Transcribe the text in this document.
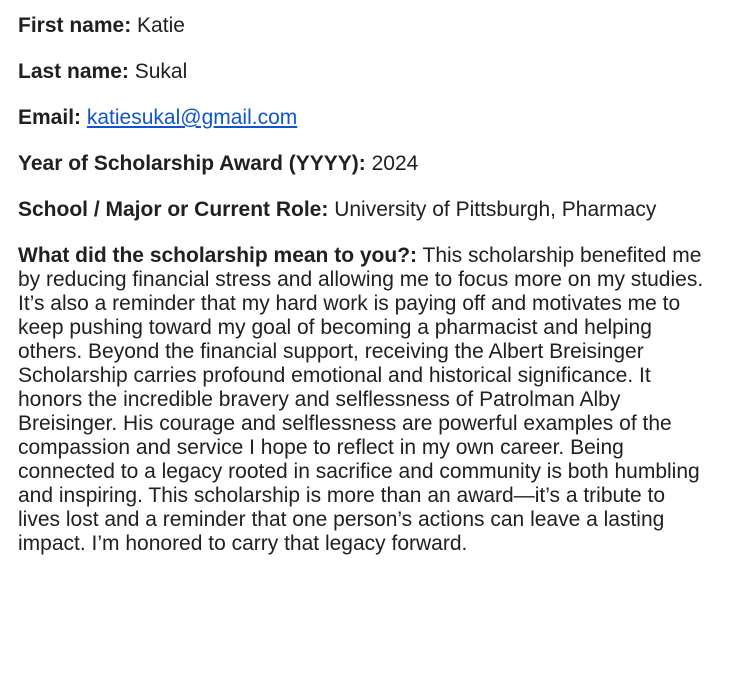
First name: Katie
Last name: Sukal
Email: katiesukal@gmail.com
Year of Scholarship Award (YYYY): 2024
School / Major or Current Role: University of Pittsburgh, Pharmacy
What did the scholarship mean to you?: This scholarship benefited me by reducing financial stress and allowing me to focus more on my studies. It’s also a reminder that my hard work is paying off and motivates me to keep pushing toward my goal of becoming a pharmacist and helping others. Beyond the financial support, receiving the Albert Breisinger Scholarship carries profound emotional and historical significance. It honors the incredible bravery and selflessness of Patrolman Alby Breisinger. His courage and selflessness are powerful examples of the compassion and service I hope to reflect in my own career. Being connected to a legacy rooted in sacrifice and community is both humbling and inspiring. This scholarship is more than an award—it’s a tribute to lives lost and a reminder that one person’s actions can leave a lasting impact. I’m honored to carry that legacy forward.
